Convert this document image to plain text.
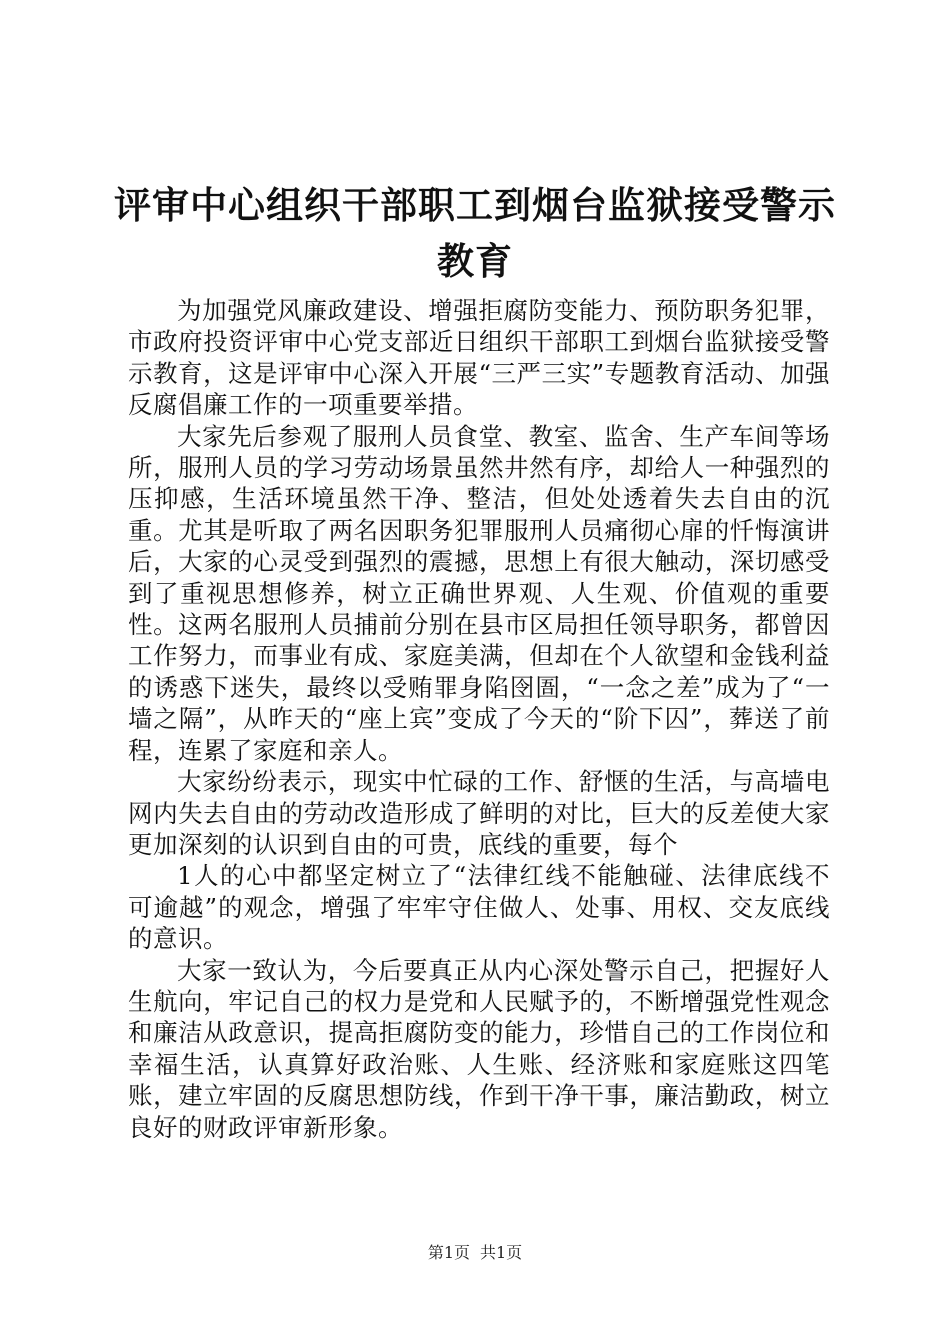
评审中心组织干部职工到烟台监狱接受警示教育

为加强党风廉政建设、增强拒腐防变能力、预防职务犯罪，市政府投资评审中心党支部近日组织干部职工到烟台监狱接受警示教育，这是评审中心深入开展“三严三实”专题教育活动、加强反腐倡廉工作的一项重要举措。

大家先后参观了服刑人员食堂、教室、监舍、生产车间等场所，服刑人员的学习劳动场景虽然井然有序，却给人一种强烈的压抑感，生活环境虽然干净、整洁，但处处透着失去自由的沉重。尤其是听取了两名因职务犯罪服刑人员痛彻心扉的忏悔演讲后，大家的心灵受到强烈的震撼，思想上有很大触动，深切感受到了重视思想修养，树立正确世界观、人生观、价值观的重要性。这两名服刑人员捕前分别在县市区局担任领导职务，都曾因工作努力，而事业有成、家庭美满，但却在个人欲望和金钱利益的诱惑下迷失，最终以受贿罪身陷囹圄，“一念之差”成为了“一墙之隔”，从昨天的“座上宾”变成了今天的“阶下囚”，葬送了前程，连累了家庭和亲人。

大家纷纷表示，现实中忙碌的工作、舒惬的生活，与高墙电网内失去自由的劳动改造形成了鲜明的对比，巨大的反差使大家更加深刻的认识到自由的可贵，底线的重要，每个

1人的心中都坚定树立了“法律红线不能触碰、法律底线不可逾越”的观念，增强了牢牢守住做人、处事、用权、交友底线的意识。

大家一致认为，今后要真正从内心深处警示自己，把握好人生航向，牢记自己的权力是党和人民赋予的，不断增强党性观念和廉洁从政意识，提高拒腐防变的能力，珍惜自己的工作岗位和幸福生活，认真算好政治账、人生账、经济账和家庭账这四笔账，建立牢固的反腐思想防线，作到干净干事，廉洁勤政，树立良好的财政评审新形象。

第1页 共1页
